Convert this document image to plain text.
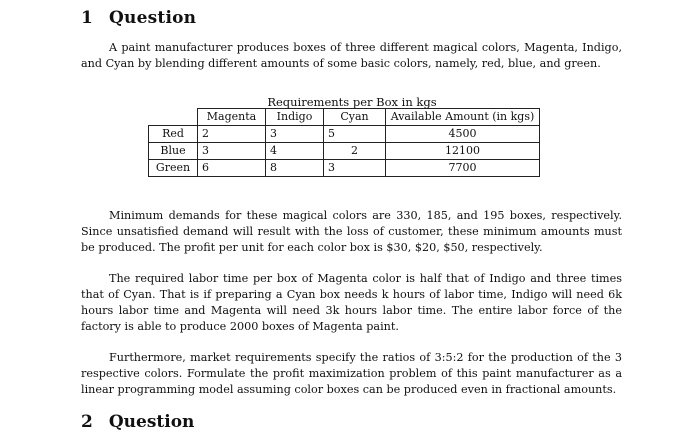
1 Question

A paint manufacturer produces boxes of three different magical colors, Magenta, Indigo, and Cyan by blending different amounts of some basic colors, namely, red, blue, and green.

Requirements per Box in kgs
	Magenta	Indigo	Cyan	Available Amount (in kgs)
Red	2	3	5	4500
Blue	3	4	2	12100
Green	6	8	3	7700

Minimum demands for these magical colors are 330, 185, and 195 boxes, respectively. Since unsatisfied demand will result with the loss of customer, these minimum amounts must be produced. The profit per unit for each color box is $30, $20, $50, respectively.

The required labor time per box of Magenta color is half that of Indigo and three times that of Cyan. That is if preparing a Cyan box needs k hours of labor time, Indigo will need 6k hours labor time and Magenta will need 3k hours labor time. The entire labor force of the factory is able to produce 2000 boxes of Magenta paint.

Furthermore, market requirements specify the ratios of 3:5:2 for the production of the 3 respective colors. Formulate the profit maximization problem of this paint manufacturer as a linear programming model assuming color boxes can be produced even in fractional amounts.

2 Question
